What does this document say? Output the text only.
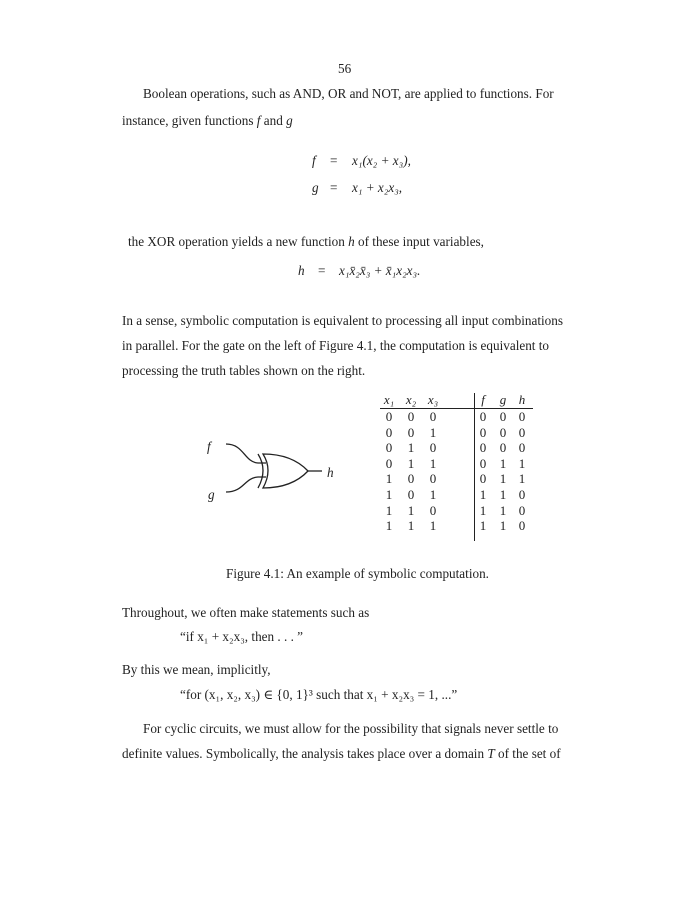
56
Boolean operations, such as AND, OR and NOT, are applied to functions. For
instance, given functions f and g
f = x₁(x₂ + x₃),
g = x₁ + x₂x₃,
the XOR operation yields a new function h of these input variables,
h = x₁x̄₂x̄₃ + x̄₁x₂x₃.
In a sense, symbolic computation is equivalent to processing all input combinations
in parallel. For the gate on the left of Figure 4.1, the computation is equivalent to
processing the truth tables shown on the right.
f
g
h
x₁ x₂ x₃	f	g h
0	0	0	0	0 0
0	0	1	0	0 0
0	1	0	0	0 0
0	1	1	0	1 1
1	0	0	0	1 1
1	0	1	1	1 0
1	1	0	1	1 0
1	1	1	1	1 0
Figure 4.1: An example of symbolic computation.
Throughout, we often make statements such as
“if x₁ + x₂x₃, then . . . ”
By this we mean, implicitly,
“for (x₁, x₂, x₃) ∈ {0, 1}³ such that x₁ + x₂x₃ = 1, ...”
For cyclic circuits, we must allow for the possibility that signals never settle to
definite values. Symbolically, the analysis takes place over a domain T of the set of
